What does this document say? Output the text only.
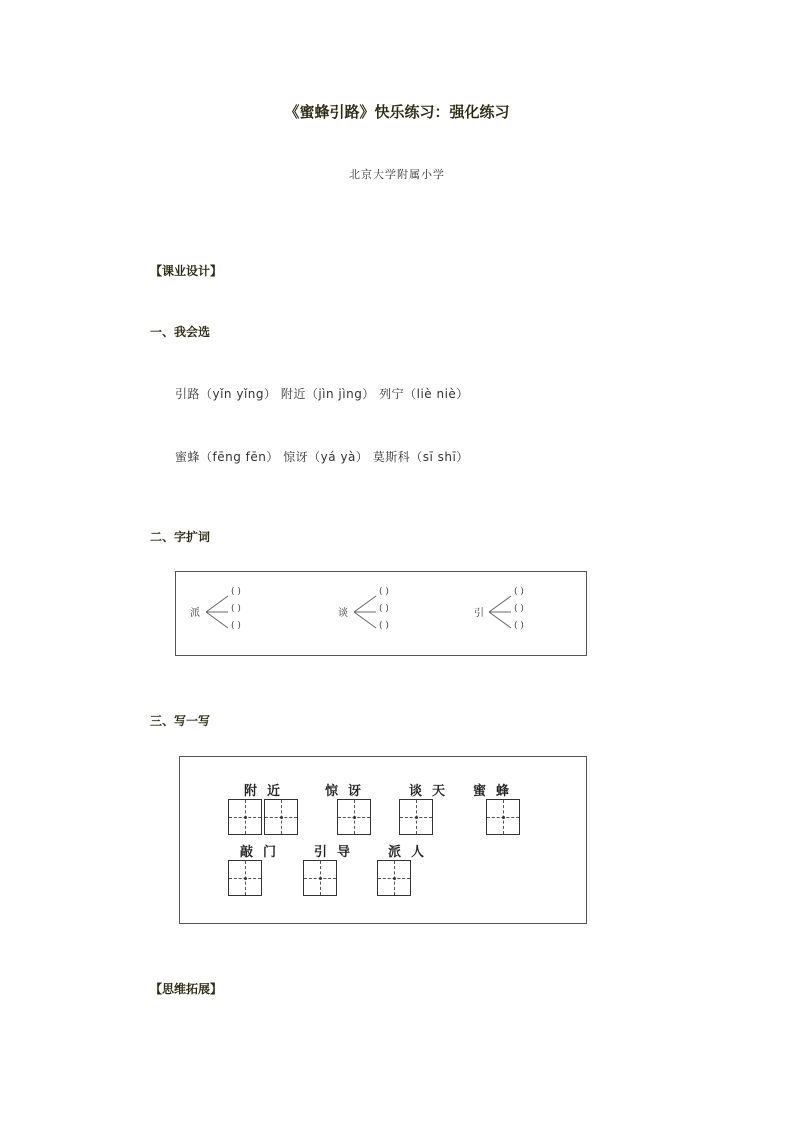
《蜜蜂引路》快乐练习：强化练习
北京大学附属小学
【课业设计】
一、我会选
引路（yǐn yǐng） 附近（jìn jìng） 列宁（liè niè）
蜜蜂（fēng fēn） 惊讶（yá yà） 莫斯科（sī shī）
二、字扩词
派
( )
( )
( )
谈
( )
( )
( )
引
( )
( )
( )
三、写一写
附近	惊讶	谈天 蜜蜂
敲门 引导 派人
【思维拓展】
